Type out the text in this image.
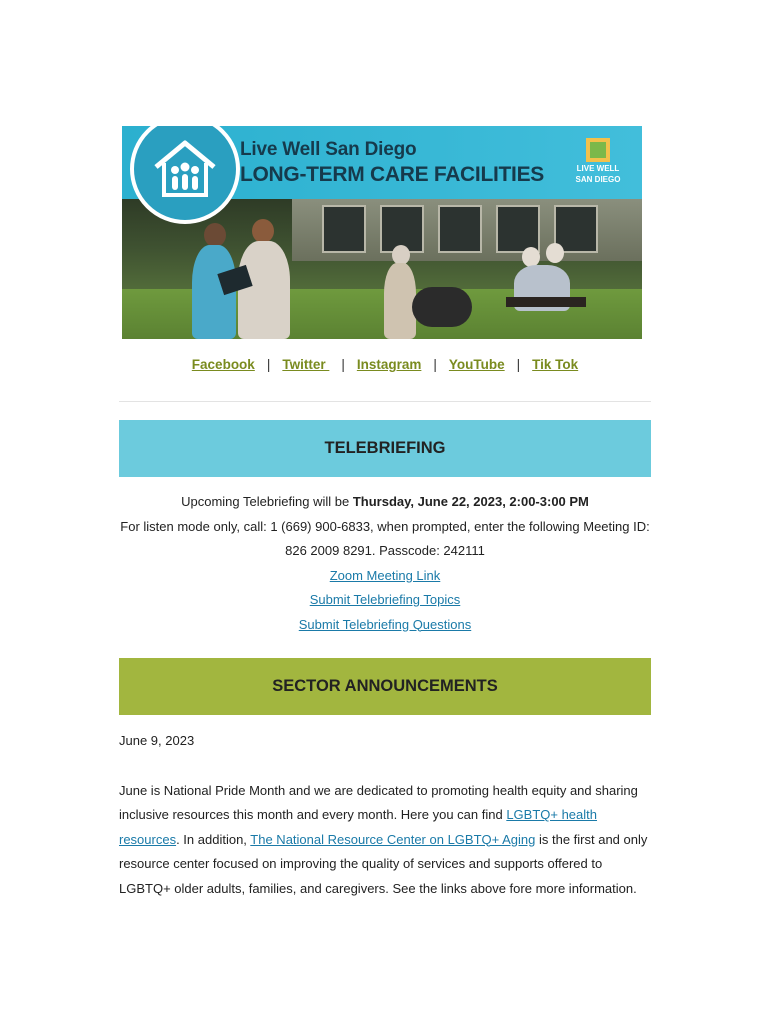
Live Well San Diego
LONG-TERM CARE FACILITIES	LIVE WELL
SAN DIEGO
Facebook | Twitter | Instagram | YouTube | Tik Tok
TELEBRIEFING
Upcoming Telebriefing will be Thursday, June 22, 2023, 2:00-3:00 PM
For listen mode only, call: 1 (669) 900-6833, when prompted, enter the following Meeting ID: 826 2009 8291. Passcode: 242111
Zoom Meeting Link
Submit Telebriefing Topics
Submit Telebriefing Questions
SECTOR ANNOUNCEMENTS

June 9, 2023

June is National Pride Month and we are dedicated to promoting health equity and sharing inclusive resources this month and every month. Here you can find LGBTQ+ health resources. In addition, The National Resource Center on LGBTQ+ Aging is the first and only resource center focused on improving the quality of services and supports offered to LGBTQ+ older adults, families, and caregivers. See the links above fore more information.
